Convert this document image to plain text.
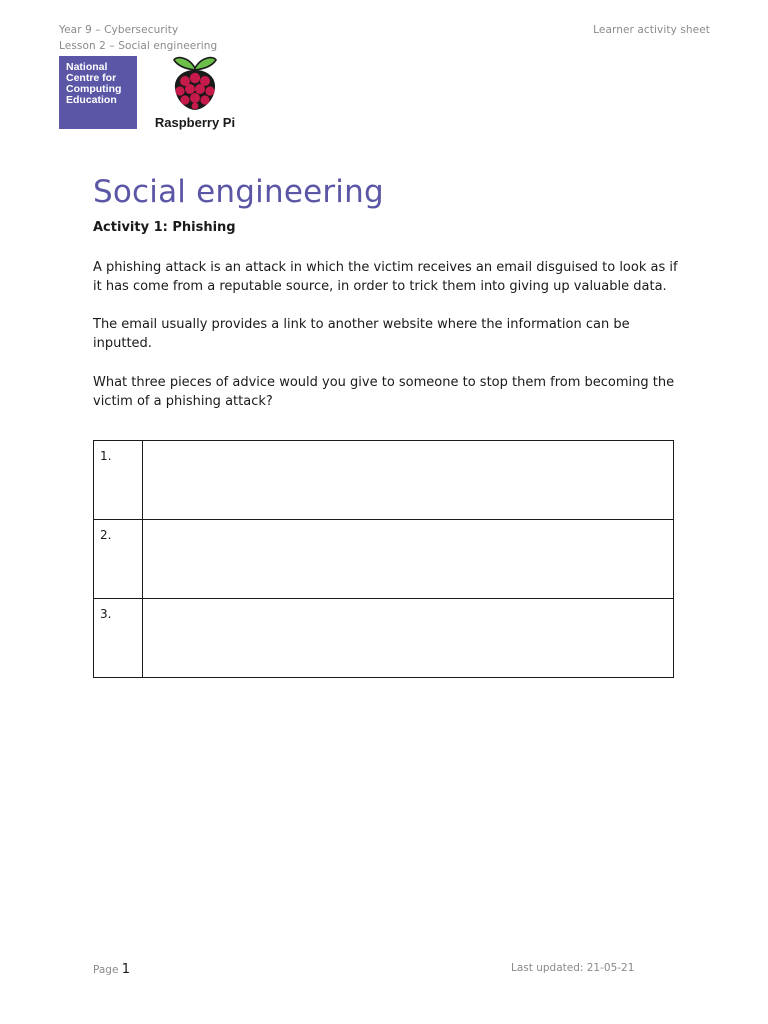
Year 9 – Cybersecurity
Lesson 2 – Social engineering
Learner activity sheet
National
Centre for
Computing
Education
Raspberry Pi
Social engineering
Activity 1: Phishing

A phishing attack is an attack in which the victim receives an email disguised to look as if it has come from a reputable source, in order to trick them into giving up valuable data.

The email usually provides a link to another website where the information can be inputted.

What three pieces of advice would you give to someone to stop them from becoming the victim of a phishing attack?

1.	
2.	
3.	
Page 1	Last updated: 21-05-21
